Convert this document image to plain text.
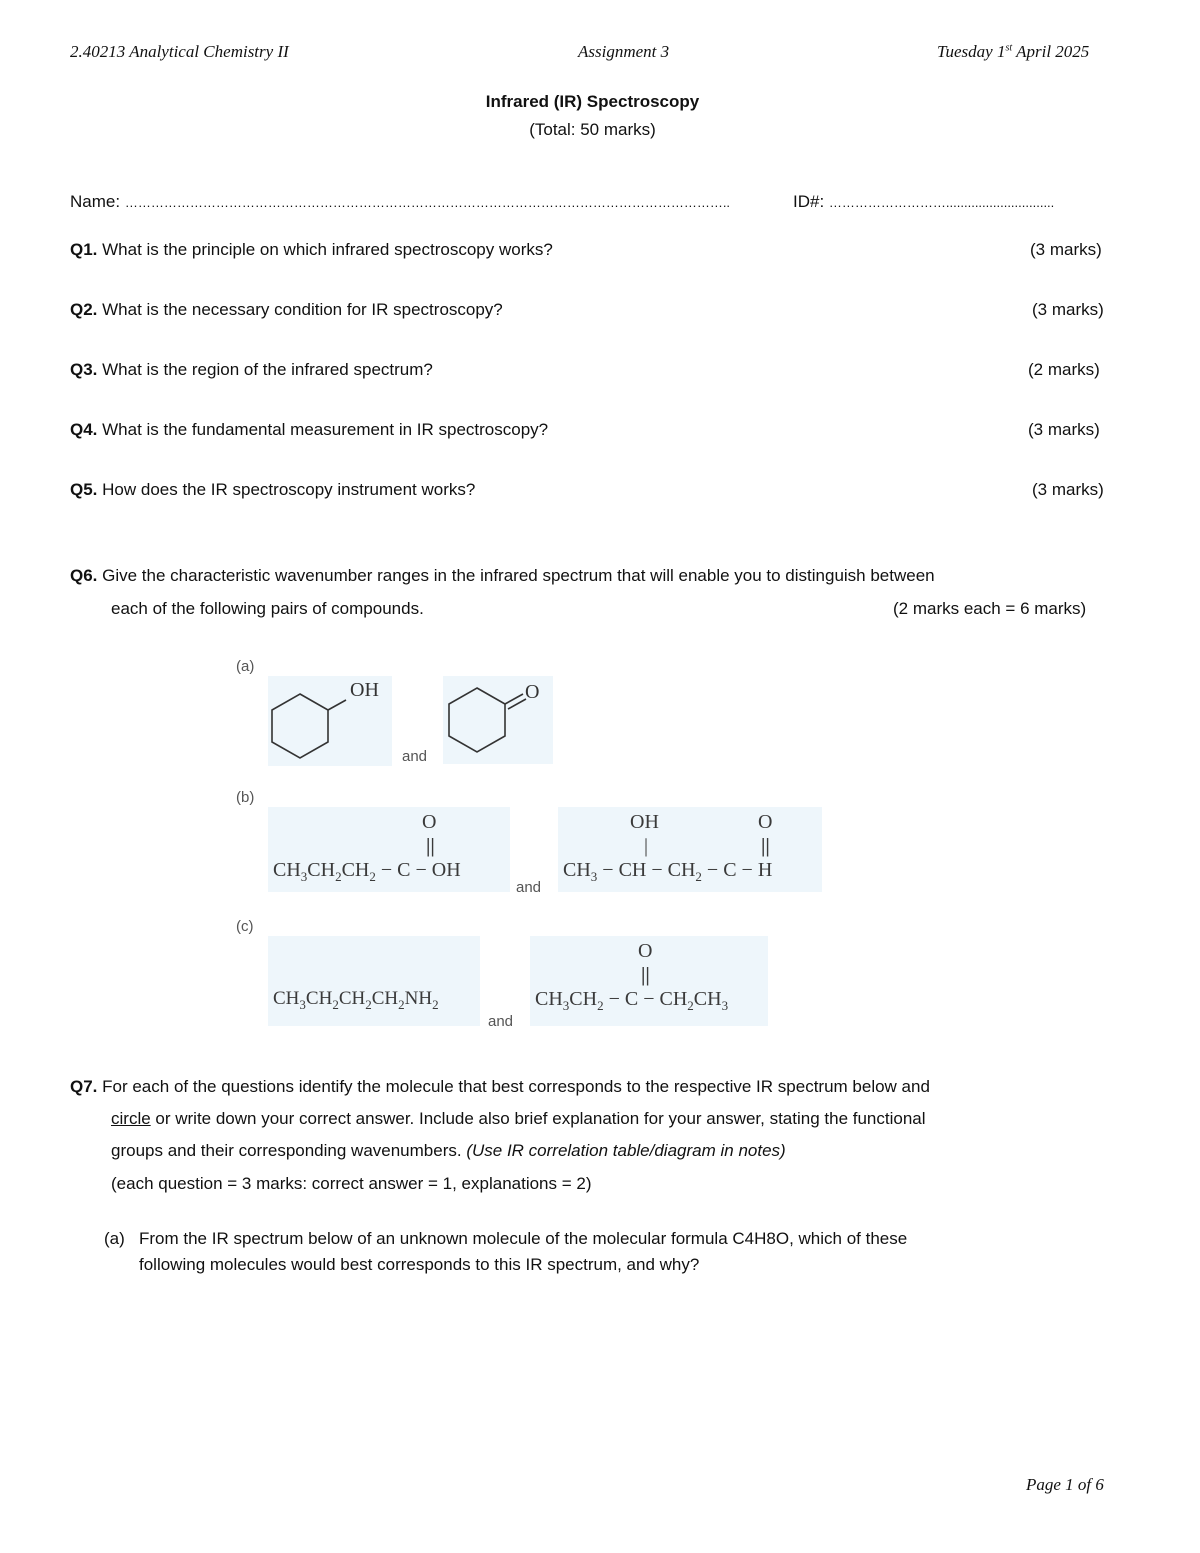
2.40213 Analytical Chemistry II	Assignment 3	Tuesday 1st April 2025
Infrared (IR) Spectroscopy
(Total: 50 marks)
Name: …………………………………………………………………………………………………………………………..	ID#: ………………………..............................
Q1. What is the principle on which infrared spectroscopy works?	(3 marks)
Q2. What is the necessary condition for IR spectroscopy?	(3 marks)
Q3. What is the region of the infrared spectrum?	(2 marks)
Q4. What is the fundamental measurement in IR spectroscopy?	(3 marks)
Q5. How does the IR spectroscopy instrument works?	(3 marks)
Q6. Give the characteristic wavenumber ranges in the infrared spectrum that will enable you to distinguish between
each of the following pairs of compounds.	(2 marks each = 6 marks)
(a)
OH
and
O
(b)
O
||
$CH_3CH_2CH_2 - C$ − OH
and
OH
|
O
||
$CH_3$ − CH − $CH_2 - C - H$
(c)
$CH_3CH_2CH_2CH_2NH_2$
and
O
||
$CH_3CH_2 - C - CH_2CH_3$
Q7. For each of the questions identify the molecule that best corresponds to the respective IR spectrum below and
circle or write down your correct answer. Include also brief explanation for your answer, stating the functional
groups and their corresponding wavenumbers. (Use IR correlation table/diagram in notes)
(each question = 3 marks: correct answer = 1, explanations = 2)
(a) From the IR spectrum below of an unknown molecule of the molecular formula C4H8O, which of these
following molecules would best corresponds to this IR spectrum, and why?
Page 1 of 6
